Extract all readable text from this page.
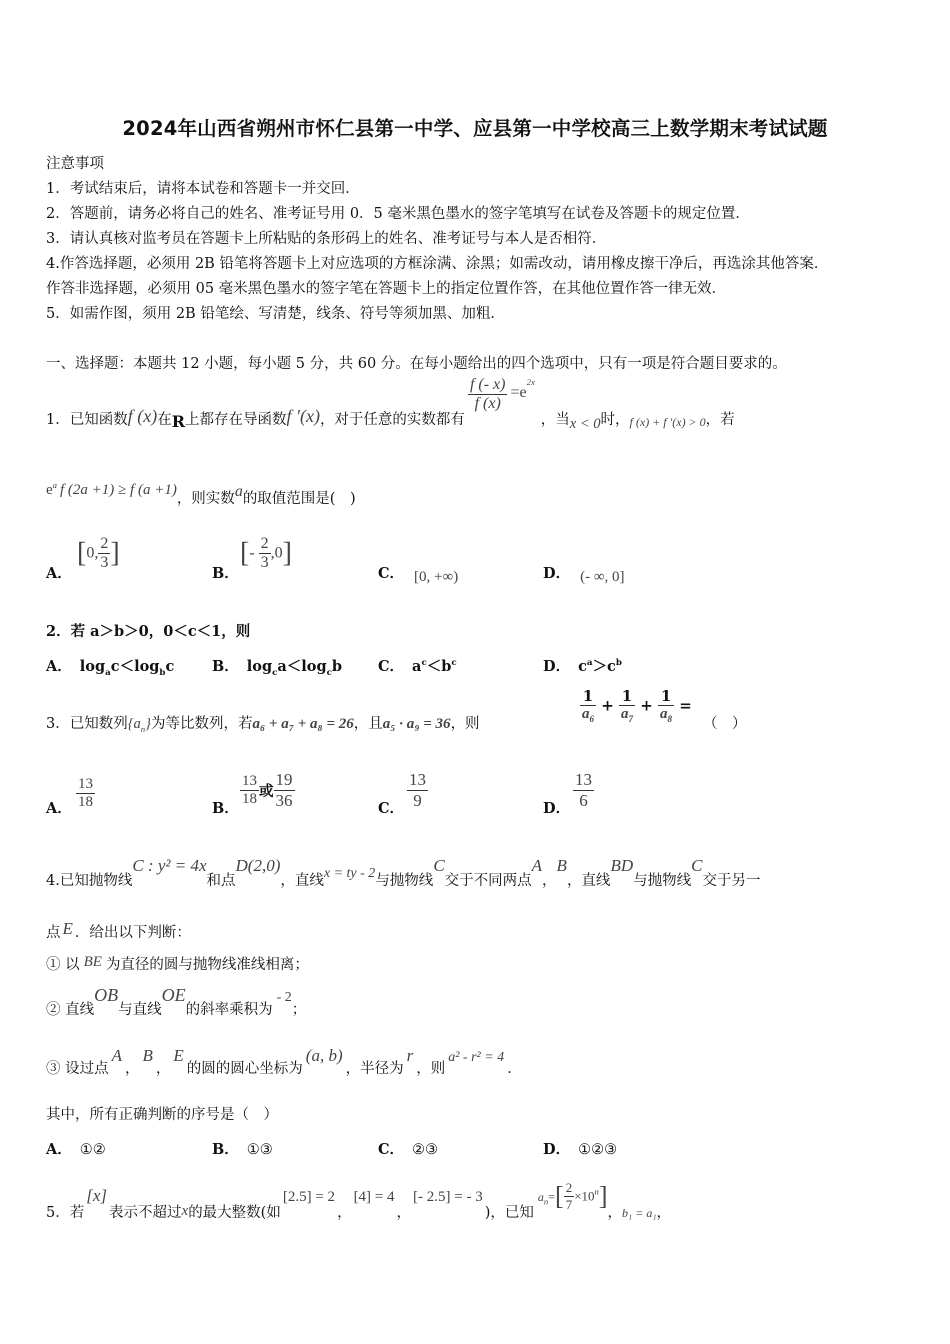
2024年山西省朔州市怀仁县第一中学、应县第一中学校高三上数学期末考试试题
注意事项
1．考试结束后，请将本试卷和答题卡一并交回．
2．答题前，请务必将自己的姓名、准考证号用 0．5 毫米黑色墨水的签字笔填写在试卷及答题卡的规定位置．
3．请认真核对监考员在答题卡上所粘贴的条形码上的姓名、准考证号与本人是否相符．
4.作答选择题，必须用 2B 铅笔将答题卡上对应选项的方框涂满、涂黑；如需改动，请用橡皮擦干净后，再选涂其他答案．
作答非选择题，必须用 05 毫米黑色墨水的签字笔在答题卡上的指定位置作答，在其他位置作答一律无效．
5．如需作图，须用 2B 铅笔绘、写清楚，线条、符号等须加黑、加粗．
一、选择题：本题共 12 小题，每小题 5 分，共 60 分。在每小题给出的四个选项中，只有一项是符合题目要求的。
1．已知函数f (x)在R上都存在导函数f ′(x)，对于任意的实数都有
$\frac{f (- x)}{f (x)} =e^{2x}$，当x < 0时，$_{f (x) + f '(x) > 0}$，若
$e^a$ f (2a +1) ≥ f (a +1)，则实数a的取值范围是(　)
A．
[0, $\frac{2}{3}$ ]
B．
[- $\frac{2}{3} ,0$]
C． [0, +∞)	D． (- ∞, 0]
2．若 a＞b＞0，0＜c＜1，则
A． $\log_ac<\log_bc$	B． $\log_ca<\log_cb$ C． $a^c<b^c$	D． $c^a>c^b$
3．已知数列$\{a_n\}$为等比数列，若a₆ + a₇ + a₈ = 26，且a₅ · a₉ = 36，则	$\frac{1}{a_6} + \frac{1}{a_7} + \frac{1}{a_8}$ =
（　）
A． $\frac{13}{18}$	B．
$\frac{13}{18}$ 或 $\frac{19}{36}$	C． $\frac{13}{9}$	D． $\frac{13}{6}$
4.已知抛物线C : y² = 4x和点D(2,0)，直线x = ty - 2与抛物线C交于不同两点A，B，直线BD与抛物线C交于另一
点 E ．给出以下判断：
① 以 BE 为直径的圆与抛物线准线相离；
② 直线OB与直线OE的斜率乘积为- 2；
③ 设过点A，B，E的圆的圆心坐标为(a, b)，半径为r，则a² - r² = 4．
其中，所有正确判断的序号是（　）
A． ①②	B． ①③	C． ②③	D． ①②③
5．若[x]表示不超过x的最大整数(如[2.5] = 2，[4] = 4，[- 2.5] = - 3)，已知$a_n=[ \frac{2}{7} \times 10^n]$，$_{b_1 = a_1}$，
